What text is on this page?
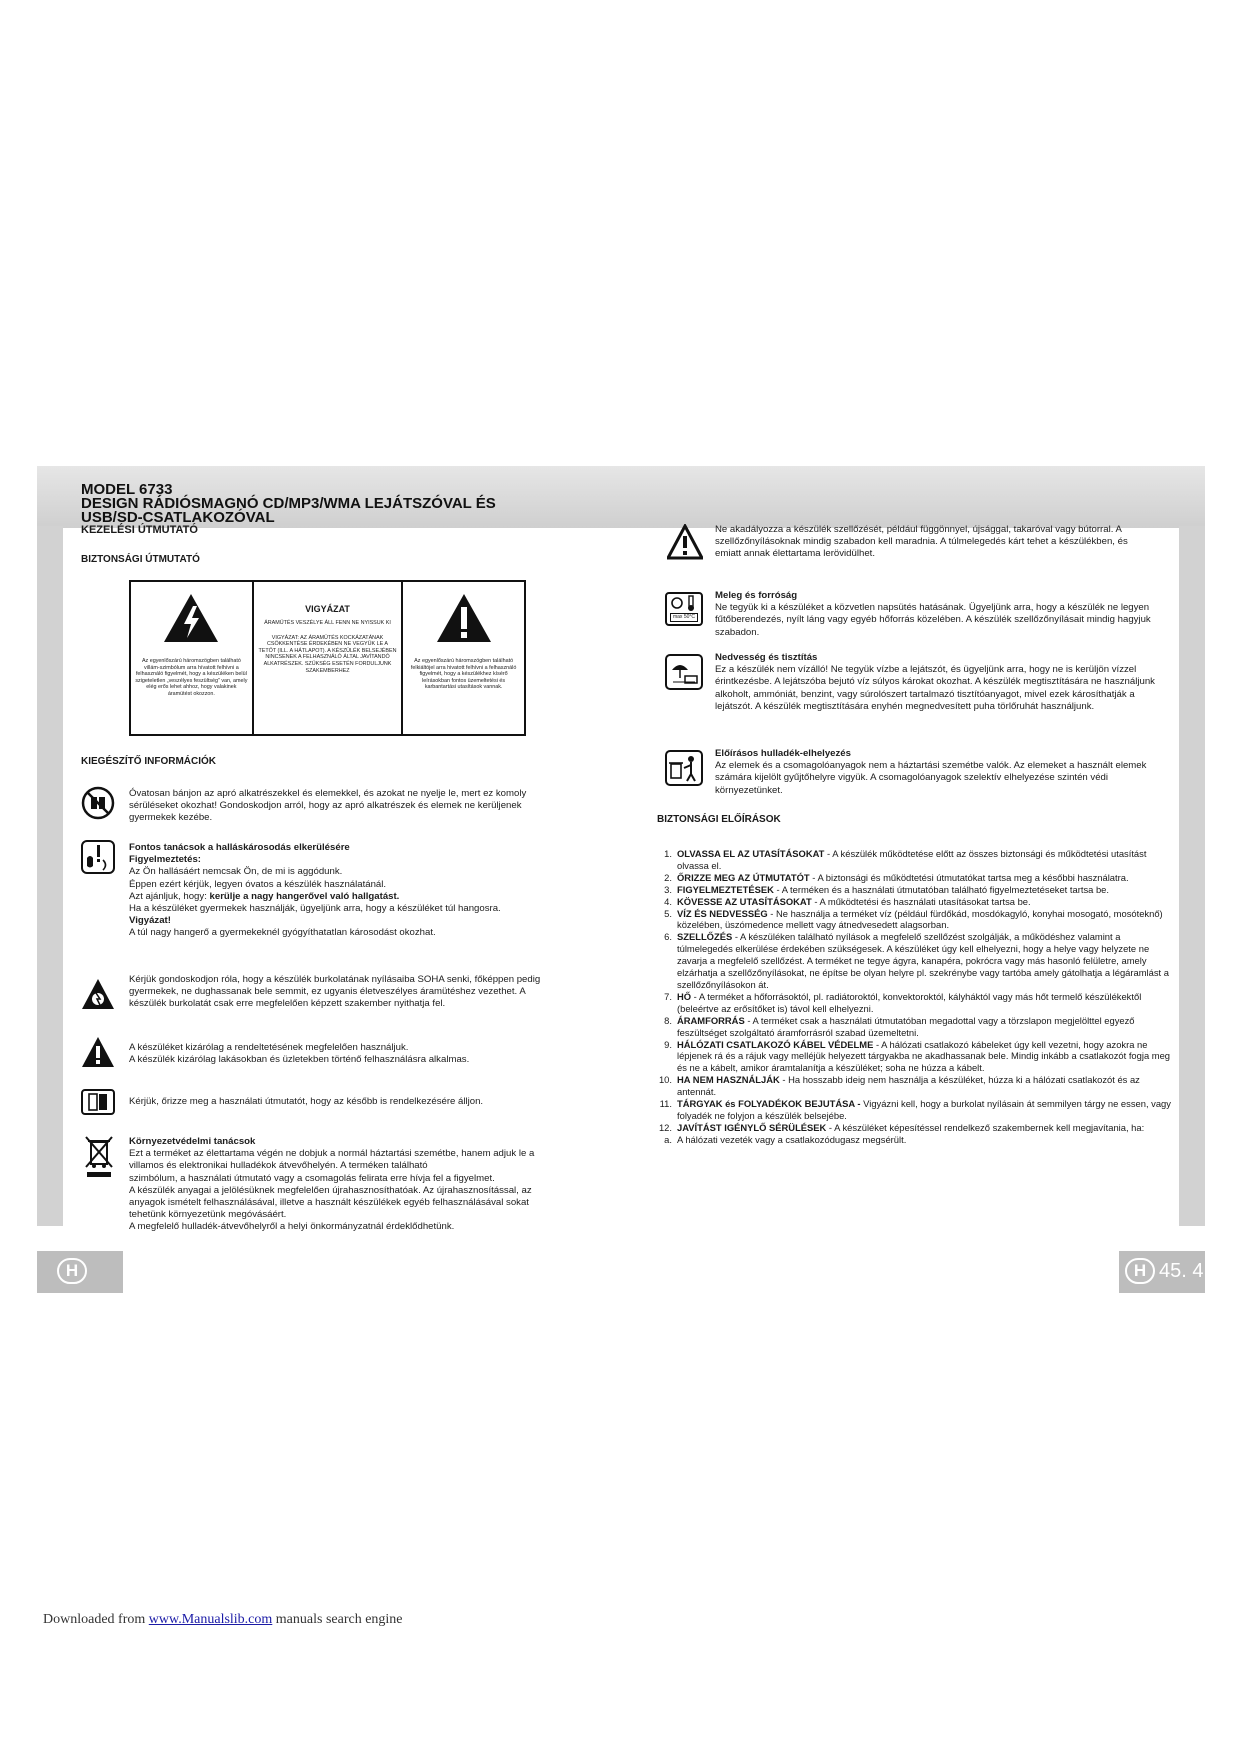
MODEL 6733
DESIGN RÁDIÓSMAGNÓ CD/MP3/WMA LEJÁTSZÓVAL ÉS
USB/SD-CSATLAKOZÓVAL
KEZELÉSI ÚTMUTATÓ
BIZTONSÁGI ÚTMUTATÓ
Az egyenlőszárú háromszögben található villám-szimbólum arra hívatott felhívni a felhasználó figyelmét, hogy a készüléken belül szigeteletlen „veszélyes feszültség” van, amely elég erős lehet ahhoz, hogy valakinek áramütést okozzon.
VIGYÁZAT
ÁRAMÜTÉS VESZÉLYE ÁLL FENN NE NYISSUK KI
VIGYÁZAT: AZ ÁRAMÜTÉS KOCKÁZATÁNAK CSÖKKENTÉSE ÉRDEKÉBEN NE VEGYÜK LE A TETŐT (ILL. A HÁTLAPOT). A KÉSZÜLÉK BELSEJÉBEN NINCSENEK A FELHASZNÁLÓ ÁLTAL JAVÍTANDÓ ALKATRÉSZEK. SZÜKSÉG ESETÉN FORDULJUNK SZAKEMBERHEZ
Az egyenlőszárú háromszögben található felkiáltójel arra hivatott felhívni a felhasználó figyelmét, hogy a készülékhez kísérő leírásokban fontos üzemeltetési és karbantartási utasítások vannak.
KIEGÉSZÍTŐ INFORMÁCIÓK
Óvatosan bánjon az apró alkatrészekkel és elemekkel, és azokat ne nyelje le, mert ez komoly sérüléseket okozhat! Gondoskodjon arról, hogy az apró alkatrészek és elemek ne kerüljenek gyermekek kezébe.
Fontos tanácsok a halláskárosodás elkerülésére
Figyelmeztetés:
Az Ön hallásáért nemcsak Ön, de mi is aggódunk.
Éppen ezért kérjük, legyen óvatos a készülék használatánál.
Azt ajánljuk, hogy: kerülje a nagy hangerővel való hallgatást.
Ha a készüléket gyermekek használják, ügyeljünk arra, hogy a készüléket túl hangosra.
Vigyázat!
A túl nagy hangerő a gyermekeknél gyógyíthatatlan károsodást okozhat.
Kérjük gondoskodjon róla, hogy a készülék burkolatának nyílásaiba SOHA senki, főképpen pedig gyermekek, ne dughassanak bele semmit, ez ugyanis életveszélyes áramütéshez vezethet. A készülék burkolatát csak erre megfelelően képzett szakember nyithatja fel.
A készüléket kizárólag a rendeltetésének megfelelően használjuk.
A készülék kizárólag lakásokban és üzletekben történő felhasználásra alkalmas.
Kérjük, őrizze meg a használati útmutatót, hogy az később is rendelkezésére álljon.
Környezetvédelmi tanácsok
Ezt a terméket az élettartama végén ne dobjuk a normál háztartási szemétbe, hanem adjuk le a villamos és elektronikai hulladékok átvevőhelyén. A terméken található
szimbólum, a használati útmutató vagy a csomagolás felirata erre hívja fel a figyelmet.
A készülék anyagai a jelölésüknek megfelelően újrahasznosíthatóak. Az újrahasznosítással, az anyagok ismételt felhasználásával, illetve a használt készülékek egyéb felhasználásával sokat tehetünk környezetünk megóvásáért.
A megfelelő hulladék-átvevőhelyről a helyi önkormányzatnál érdeklődhetünk.
Ne akadályozza a készülék szellőzését, például függönnyel, újsággal, takaróval vagy bútorral. A szellőzőnyílásoknak mindig szabadon kell maradnia. A túlmelegedés kárt tehet a készülékben, és emiatt annak élettartama lerövidülhet.
max 50°C
Meleg és forróság
Ne tegyük ki a készüléket a közvetlen napsütés hatásának. Ügyeljünk arra, hogy a készülék ne legyen fűtőberendezés, nyílt láng vagy egyéb hőforrás közelében. A készülék szellőzőnyílásait mindig hagyjuk szabadon.
Nedvesség és tisztítás
Ez a készülék nem vízálló! Ne tegyük vízbe a lejátszót, és ügyeljünk arra, hogy ne is kerüljön vízzel érintkezésbe. A lejátszóba bejutó víz súlyos károkat okozhat. A készülék megtisztítására ne használjunk alkoholt, ammóniát, benzint, vagy súrolószert tartalmazó tisztítóanyagot, mivel ezek károsíthatják a lejátszót. A készülék megtisztítására enyhén megnedvesített puha törlőruhát használjunk.
Előírásos hulladék-elhelyezés
Az elemek és a csomagolóanyagok nem a háztartási szemétbe valók. Az elemeket a használt elemek számára kijelölt gyűjtőhelyre vigyük. A csomagolóanyagok szelektív elhelyezése szintén védi környezetünket.
BIZTONSÁGI ELŐÍRÁSOK
1. OLVASSA EL AZ UTASÍTÁSOKAT - A készülék működtetése előtt az összes biztonsági és működtetési utasítást olvassa el.
2. ŐRIZZE MEG AZ ÚTMUTATÓT - A biztonsági és működtetési útmutatókat tartsa meg a későbbi használatra.
3. FIGYELMEZTETÉSEK - A terméken és a használati útmutatóban található figyelmeztetéseket tartsa be.
4. KÖVESSE AZ UTASÍTÁSOKAT - A működtetési és használati utasításokat tartsa be.
5. VÍZ ÉS NEDVESSÉG - Ne használja a terméket víz (például fürdőkád, mosdókagyló, konyhai mosogató, mosóteknő) közelében, üszómedence mellett vagy átnedvesedett alagsorban.
6. SZELLŐZÉS - A készüléken található nyílások a megfelelő szellőzést szolgálják, a működéshez valamint a túlmelegedés elkerülése érdekében szükségesek. A készüléket úgy kell elhelyezni, hogy a helye vagy helyzete ne zavarja a megfelelő szellőzést. A terméket ne tegye ágyra, kanapéra, pokrócra vagy más hasonló felületre, amely elzárhatja a szellőzőnyílásokat, ne építse be olyan helyre pl. szekrénybe vagy tartóba amely gátolhatja a légáramlást a szellőzőnyílásokon át.
7. HŐ - A terméket a hőforrásoktól, pl. radiátoroktól, konvektoroktól, kályháktól vagy más hőt termelő készülékektől (beleértve az erősítőket is) távol kell elhelyezni.
8. ÁRAMFORRÁS - A terméket csak a használati útmutatóban megadottal vagy a törzslapon megjelölttel egyező feszültséget szolgáltató áramforrásról szabad üzemeltetni.
9. HÁLÓZATI CSATLAKOZÓ KÁBEL VÉDELME - A hálózati csatlakozó kábeleket úgy kell vezetni, hogy azokra ne lépjenek rá és a rájuk vagy melléjük helyezett tárgyakba ne akadhassanak bele. Mindig inkább a csatlakozót fogja meg és ne a kábelt, amikor áramtalanítja a készüléket; soha ne húzza a kábelt.
10. HA NEM HASZNÁLJÁK - Ha hosszabb ideig nem használja a készüléket, húzza ki a hálózati csatlakozót és az antennát.
11. TÁRGYAK és FOLYADÉKOK BEJUTÁSA - Vigyázni kell, hogy a burkolat nyílásain át semmilyen tárgy ne essen, vagy folyadék ne folyjon a készülék belsejébe.
12. JAVÍTÁST IGÉNYLŐ SÉRÜLÉSEK - A készüléket képesítéssel rendelkező szakembernek kell megjavítania, ha:
a. A hálózati vezeték vagy a csatlakozódugasz megsérült.
H	H 45. 4
Downloaded from www.Manualslib.com manuals search engine
